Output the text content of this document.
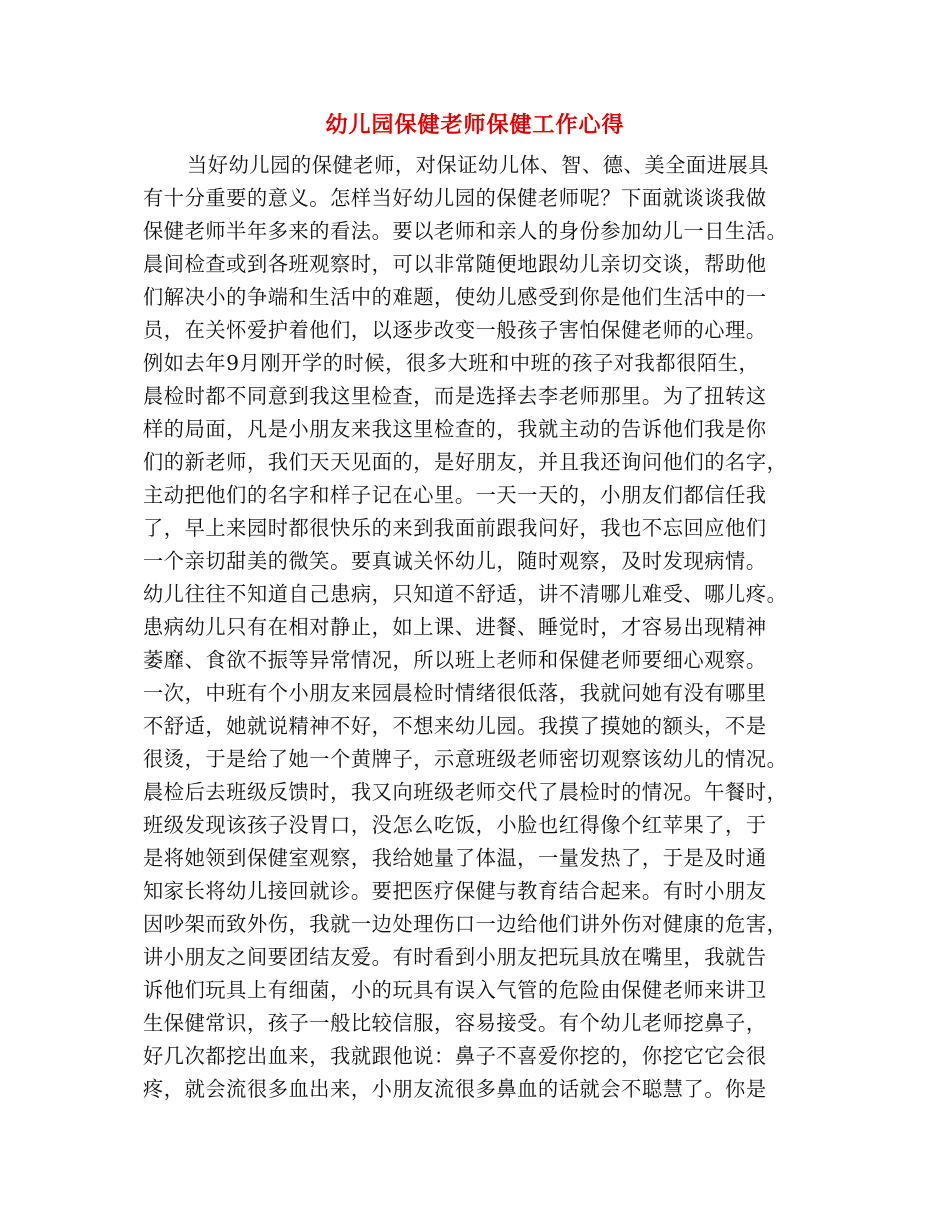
幼儿园保健老师保健工作心得
当好幼儿园的保健老师，对保证幼儿体、智、德、美全面进展具
有十分重要的意义。怎样当好幼儿园的保健老师呢？下面就谈谈我做
保健老师半年多来的看法。要以老师和亲人的身份参加幼儿一日生活。
晨间检查或到各班观察时，可以非常随便地跟幼儿亲切交谈，帮助他
们解决小的争端和生活中的难题，使幼儿感受到你是他们生活中的一
员，在关怀爱护着他们，以逐步改变一般孩子害怕保健老师的心理。
例如去年9月刚开学的时候，很多大班和中班的孩子对我都很陌生，
晨检时都不同意到我这里检查，而是选择去李老师那里。为了扭转这
样的局面，凡是小朋友来我这里检查的，我就主动的告诉他们我是你
们的新老师，我们天天见面的，是好朋友，并且我还询问他们的名字，
主动把他们的名字和样子记在心里。一天一天的，小朋友们都信任我
了，早上来园时都很快乐的来到我面前跟我问好，我也不忘回应他们
一个亲切甜美的微笑。要真诚关怀幼儿，随时观察，及时发现病情。
幼儿往往不知道自己患病，只知道不舒适，讲不清哪儿难受、哪儿疼。
患病幼儿只有在相对静止，如上课、进餐、睡觉时，才容易出现精神
萎靡、食欲不振等异常情况，所以班上老师和保健老师要细心观察。
一次，中班有个小朋友来园晨检时情绪很低落，我就问她有没有哪里
不舒适，她就说精神不好，不想来幼儿园。我摸了摸她的额头，不是
很烫，于是给了她一个黄牌子，示意班级老师密切观察该幼儿的情况。
晨检后去班级反馈时，我又向班级老师交代了晨检时的情况。午餐时，
班级发现该孩子没胃口，没怎么吃饭，小脸也红得像个红苹果了，于
是将她领到保健室观察，我给她量了体温，一量发热了，于是及时通
知家长将幼儿接回就诊。要把医疗保健与教育结合起来。有时小朋友
因吵架而致外伤，我就一边处理伤口一边给他们讲外伤对健康的危害，
讲小朋友之间要团结友爱。有时看到小朋友把玩具放在嘴里，我就告
诉他们玩具上有细菌，小的玩具有误入气管的危险由保健老师来讲卫
生保健常识，孩子一般比较信服，容易接受。有个幼儿老师挖鼻子，
好几次都挖出血来，我就跟他说：鼻子不喜爱你挖的，你挖它它会很
疼，就会流很多血出来，小朋友流很多鼻血的话就会不聪慧了。你是
